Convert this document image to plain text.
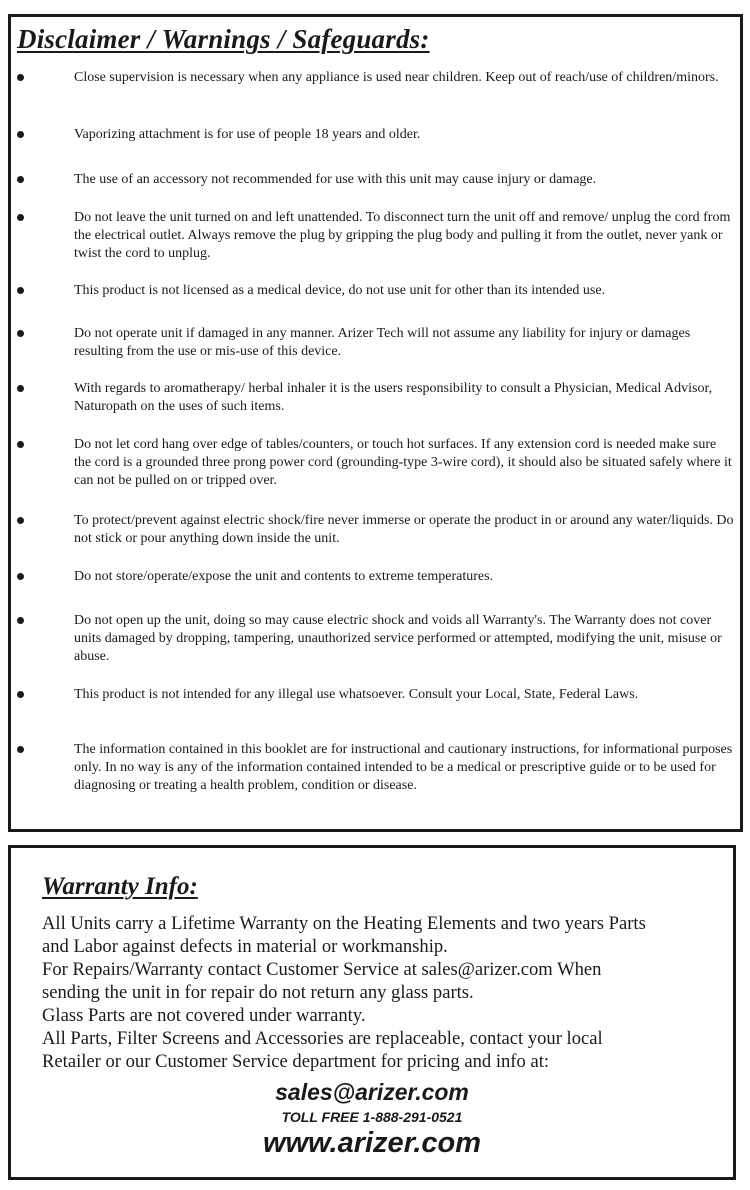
Disclaimer / Warnings / Safeguards:
Close supervision is necessary when any appliance is used near children. Keep out of reach/use of children/minors.
Vaporizing attachment is for use of people 18 years and older.
The use of an accessory not recommended for use with this unit may cause injury or damage.
Do not leave the unit turned on and left unattended. To disconnect turn the unit off and remove/ unplug the cord from the electrical outlet. Always remove the plug by gripping the plug body and pulling it from the outlet, never yank or twist the cord to unplug.
This product is not licensed as a medical device, do not use unit for other than its intended use.
Do not operate unit if damaged in any manner. Arizer Tech will not assume any liability for injury or damages resulting from the use or mis-use of this device.
With regards to aromatherapy/ herbal inhaler it is the users responsibility to consult a Physician, Medical Advisor, Naturopath on the uses of such items.
Do not let cord hang over edge of tables/counters, or touch hot surfaces. If any extension cord is needed make sure the cord is a grounded three prong power cord (grounding-type 3-wire cord), it should also be situated safely where it can not be pulled on or tripped over.
To protect/prevent against electric shock/fire never immerse or operate the product in or around any water/liquids. Do not stick or pour anything down inside the unit.
Do not store/operate/expose the unit and contents to extreme temperatures.
Do not open up the unit, doing so may cause electric shock and voids all Warranty's. The Warranty does not cover units damaged by dropping, tampering, unauthorized service performed or attempted, modifying the unit, misuse or abuse.
This product is not intended for any illegal use whatsoever. Consult your Local, State, Federal Laws.
The information contained in this booklet are for instructional and cautionary instructions, for informational purposes only. In no way is any of the information contained intended to be a medical or prescriptive guide or to be used for diagnosing or treating a health problem, condition or disease.
Warranty Info:

All Units carry a Lifetime Warranty on the Heating Elements and two years Parts
and Labor against defects in material or workmanship.
For Repairs/Warranty contact Customer Service at sales@arizer.com When
sending the unit in for repair do not return any glass parts.
Glass Parts are not covered under warranty.
All Parts, Filter Screens and Accessories are replaceable, contact your local
Retailer or our Customer Service department for pricing and info at:

sales@arizer.com
TOLL FREE 1-888-291-0521
www.arizer.com
